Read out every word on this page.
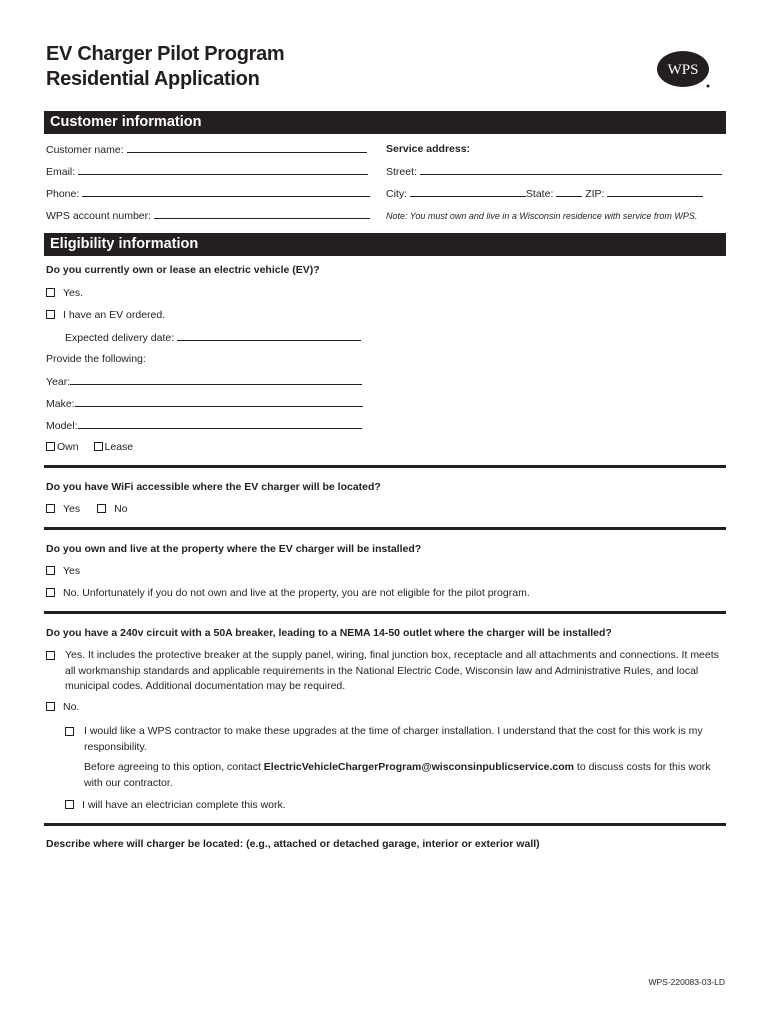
EV Charger Pilot Program
Residential Application	WPS
Customer information
Customer name:
Email:
Phone:
WPS account number:
Service address:
Street:
City:	State:	ZIP:
Note: You must own and live in a Wisconsin residence with service from WPS.
Eligibility information
Do you currently own or lease an electric vehicle (EV)?
Yes.
I have an EV ordered.
Expected delivery date:
Provide the following:
Year:
Make:
Model:
Own Lease
Do you have WiFi accessible where the EV charger will be located?
Yes	No
Do you own and live at the property where the EV charger will be installed?
Yes
No. Unfortunately if you do not own and live at the property, you are not eligible for the pilot program.
Do you have a 240v circuit with a 50A breaker, leading to a NEMA 14-50 outlet where the charger will be installed?
Yes. It includes the protective breaker at the supply panel, wiring, final junction box, receptacle and all attachments and connections. It meets all workmanship standards and applicable requirements in the National Electric Code, Wisconsin law and Administrative Rules, and local municipal codes. Additional documentation may be required.
No.
I would like a WPS contractor to make these upgrades at the time of charger installation. I understand that the cost for this work is my responsibility.
Before agreeing to this option, contact ElectricVehicleChargerProgram@wisconsinpublicservice.com to discuss costs for this work with our contractor.
I will have an electrician complete this work.
Describe where will charger be located: (e.g., attached or detached garage, interior or exterior wall)
WPS-220083-03-LD
